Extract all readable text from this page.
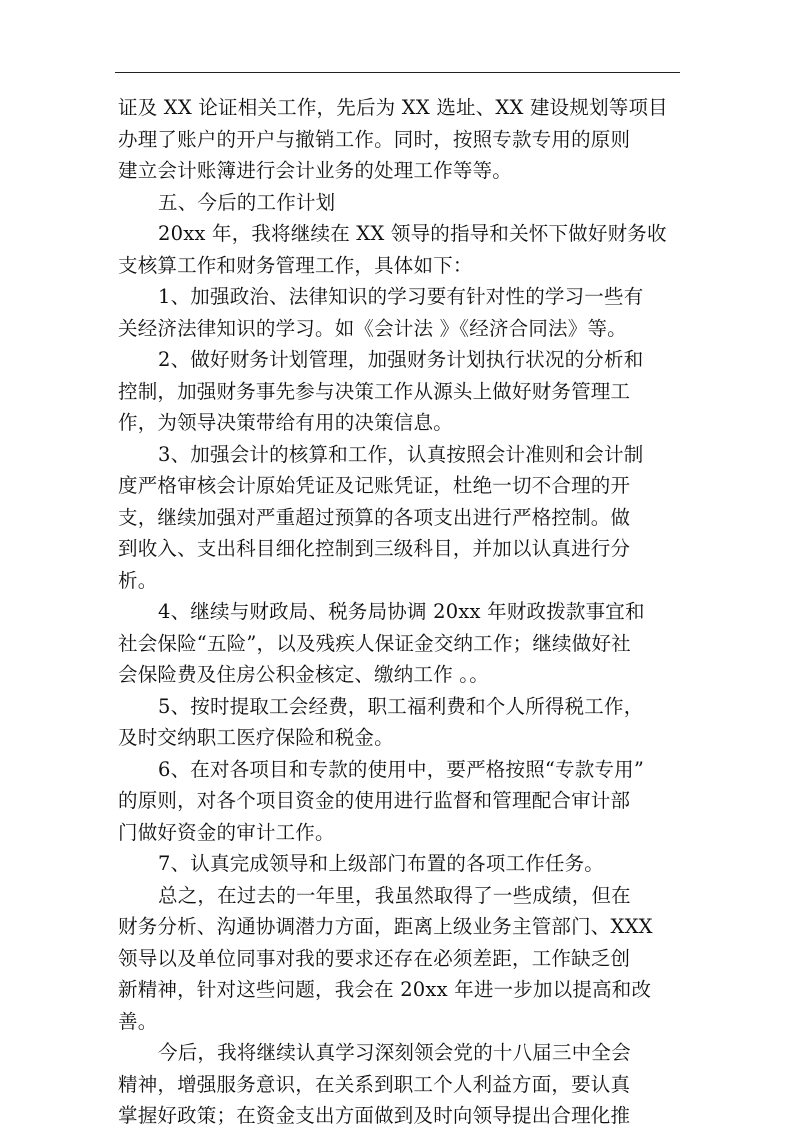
证及 XX 论证相关工作，先后为 XX 选址、XX 建设规划等项目
办理了账户的开户与撤销工作。同时，按照专款专用的原则
建立会计账簿进行会计业务的处理工作等等。
五、今后的工作计划
20xx 年，我将继续在 XX 领导的指导和关怀下做好财务收
支核算工作和财务管理工作，具体如下：
1、加强政治、法律知识的学习要有针对性的学习一些有
关经济法律知识的学习。如《会计法 》《经济合同法》等。
2、做好财务计划管理，加强财务计划执行状况的分析和
控制，加强财务事先参与决策工作从源头上做好财务管理工
作，为领导决策带给有用的决策信息。
3、加强会计的核算和工作，认真按照会计准则和会计制
度严格审核会计原始凭证及记账凭证，杜绝一切不合理的开
支，继续加强对严重超过预算的各项支出进行严格控制。做
到收入、支出科目细化控制到三级科目，并加以认真进行分
析。
4、继续与财政局、税务局协调 20xx 年财政拨款事宜和
社会保险“五险”，以及残疾人保证金交纳工作；继续做好社
会保险费及住房公积金核定、缴纳工作 。。
5、按时提取工会经费，职工福利费和个人所得税工作，
及时交纳职工医疗保险和税金。
6、在对各项目和专款的使用中，要严格按照“专款专用”
的原则，对各个项目资金的使用进行监督和管理配合审计部
门做好资金的审计工作。
7、认真完成领导和上级部门布置的各项工作任务。
总之，在过去的一年里，我虽然取得了一些成绩，但在
财务分析、沟通协调潜力方面，距离上级业务主管部门、XXX
领导以及单位同事对我的要求还存在必须差距，工作缺乏创
新精神，针对这些问题，我会在 20xx 年进一步加以提高和改
善。
今后，我将继续认真学习深刻领会党的十八届三中全会
精神，增强服务意识，在关系到职工个人利益方面，要认真
掌握好政策；在资金支出方面做到及时向领导提出合理化推
